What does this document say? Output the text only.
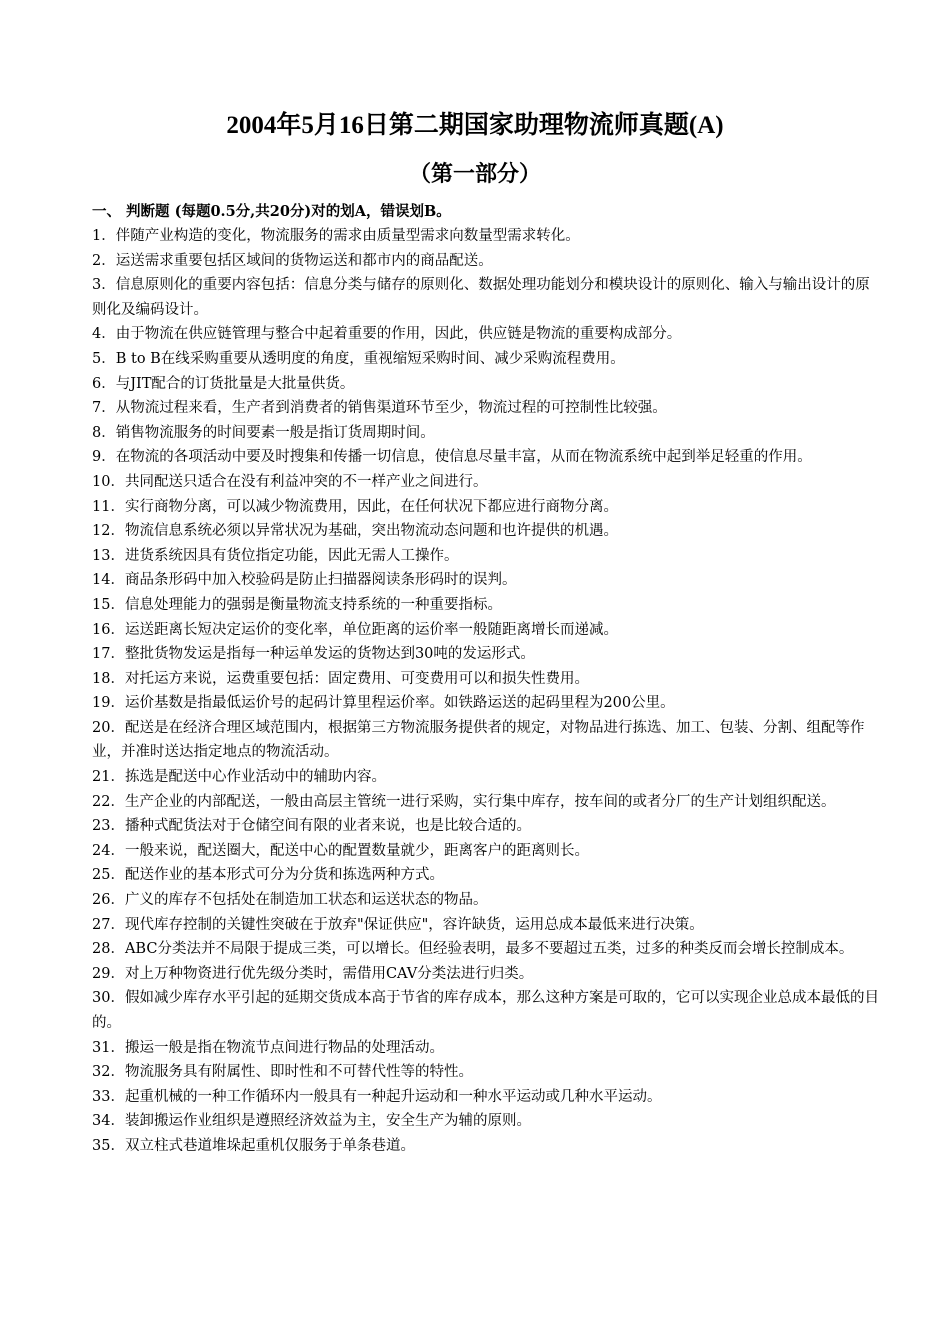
2004年5月16日第二期国家助理物流师真题(A)
（第一部分）

一、 判断题 (每题0.5分,共20分)对的划A，错误划B。

1．伴随产业构造的变化，物流服务的需求由质量型需求向数量型需求转化。
2．运送需求重要包括区域间的货物运送和都市内的商品配送。
3．信息原则化的重要内容包括：信息分类与储存的原则化、数据处理功能划分和模块设计的原则化、输入与输出设计的原则化及编码设计。
4．由于物流在供应链管理与整合中起着重要的作用，因此，供应链是物流的重要构成部分。
5．B to B在线采购重要从透明度的角度，重视缩短采购时间、减少采购流程费用。
6．与JIT配合的订货批量是大批量供货。
7．从物流过程来看，生产者到消费者的销售渠道环节至少，物流过程的可控制性比较强。
8．销售物流服务的时间要素一般是指订货周期时间。
9．在物流的各项活动中要及时搜集和传播一切信息，使信息尽量丰富，从而在物流系统中起到举足轻重的作用。
10．共同配送只适合在没有利益冲突的不一样产业之间进行。
11．实行商物分离，可以减少物流费用，因此，在任何状况下都应进行商物分离。
12．物流信息系统必须以异常状况为基础，突出物流动态问题和也许提供的机遇。
13．进货系统因具有货位指定功能，因此无需人工操作。
14．商品条形码中加入校验码是防止扫描器阅读条形码时的误判。
15．信息处理能力的强弱是衡量物流支持系统的一种重要指标。
16．运送距离长短决定运价的变化率，单位距离的运价率一般随距离增长而递减。
17．整批货物发运是指每一种运单发运的货物达到30吨的发运形式。
18．对托运方来说，运费重要包括：固定费用、可变费用可以和损失性费用。
19．运价基数是指最低运价号的起码计算里程运价率。如铁路运送的起码里程为200公里。
20．配送是在经济合理区域范围内，根据第三方物流服务提供者的规定，对物品进行拣选、加工、包装、分割、组配等作业，并准时送达指定地点的物流活动。
21．拣选是配送中心作业活动中的辅助内容。
22．生产企业的内部配送，一般由高层主管统一进行采购，实行集中库存，按车间的或者分厂的生产计划组织配送。
23．播种式配货法对于仓储空间有限的业者来说，也是比较合适的。
24．一般来说，配送圈大，配送中心的配置数量就少，距离客户的距离则长。
25．配送作业的基本形式可分为分货和拣选两种方式。
26．广义的库存不包括处在制造加工状态和运送状态的物品。
27．现代库存控制的关键性突破在于放弃"保证供应"，容许缺货，运用总成本最低来进行决策。
28．ABC分类法并不局限于提成三类，可以增长。但经验表明，最多不要超过五类，过多的种类反而会增长控制成本。
29．对上万种物资进行优先级分类时，需借用CAV分类法进行归类。
30．假如减少库存水平引起的延期交货成本高于节省的库存成本，那么这种方案是可取的，它可以实现企业总成本最低的目的。
31．搬运一般是指在物流节点间进行物品的处理活动。
32．物流服务具有附属性、即时性和不可替代性等的特性。
33．起重机械的一种工作循环内一般具有一种起升运动和一种水平运动或几种水平运动。
34．装卸搬运作业组织是遵照经济效益为主，安全生产为辅的原则。
35．双立柱式巷道堆垛起重机仅服务于单条巷道。
